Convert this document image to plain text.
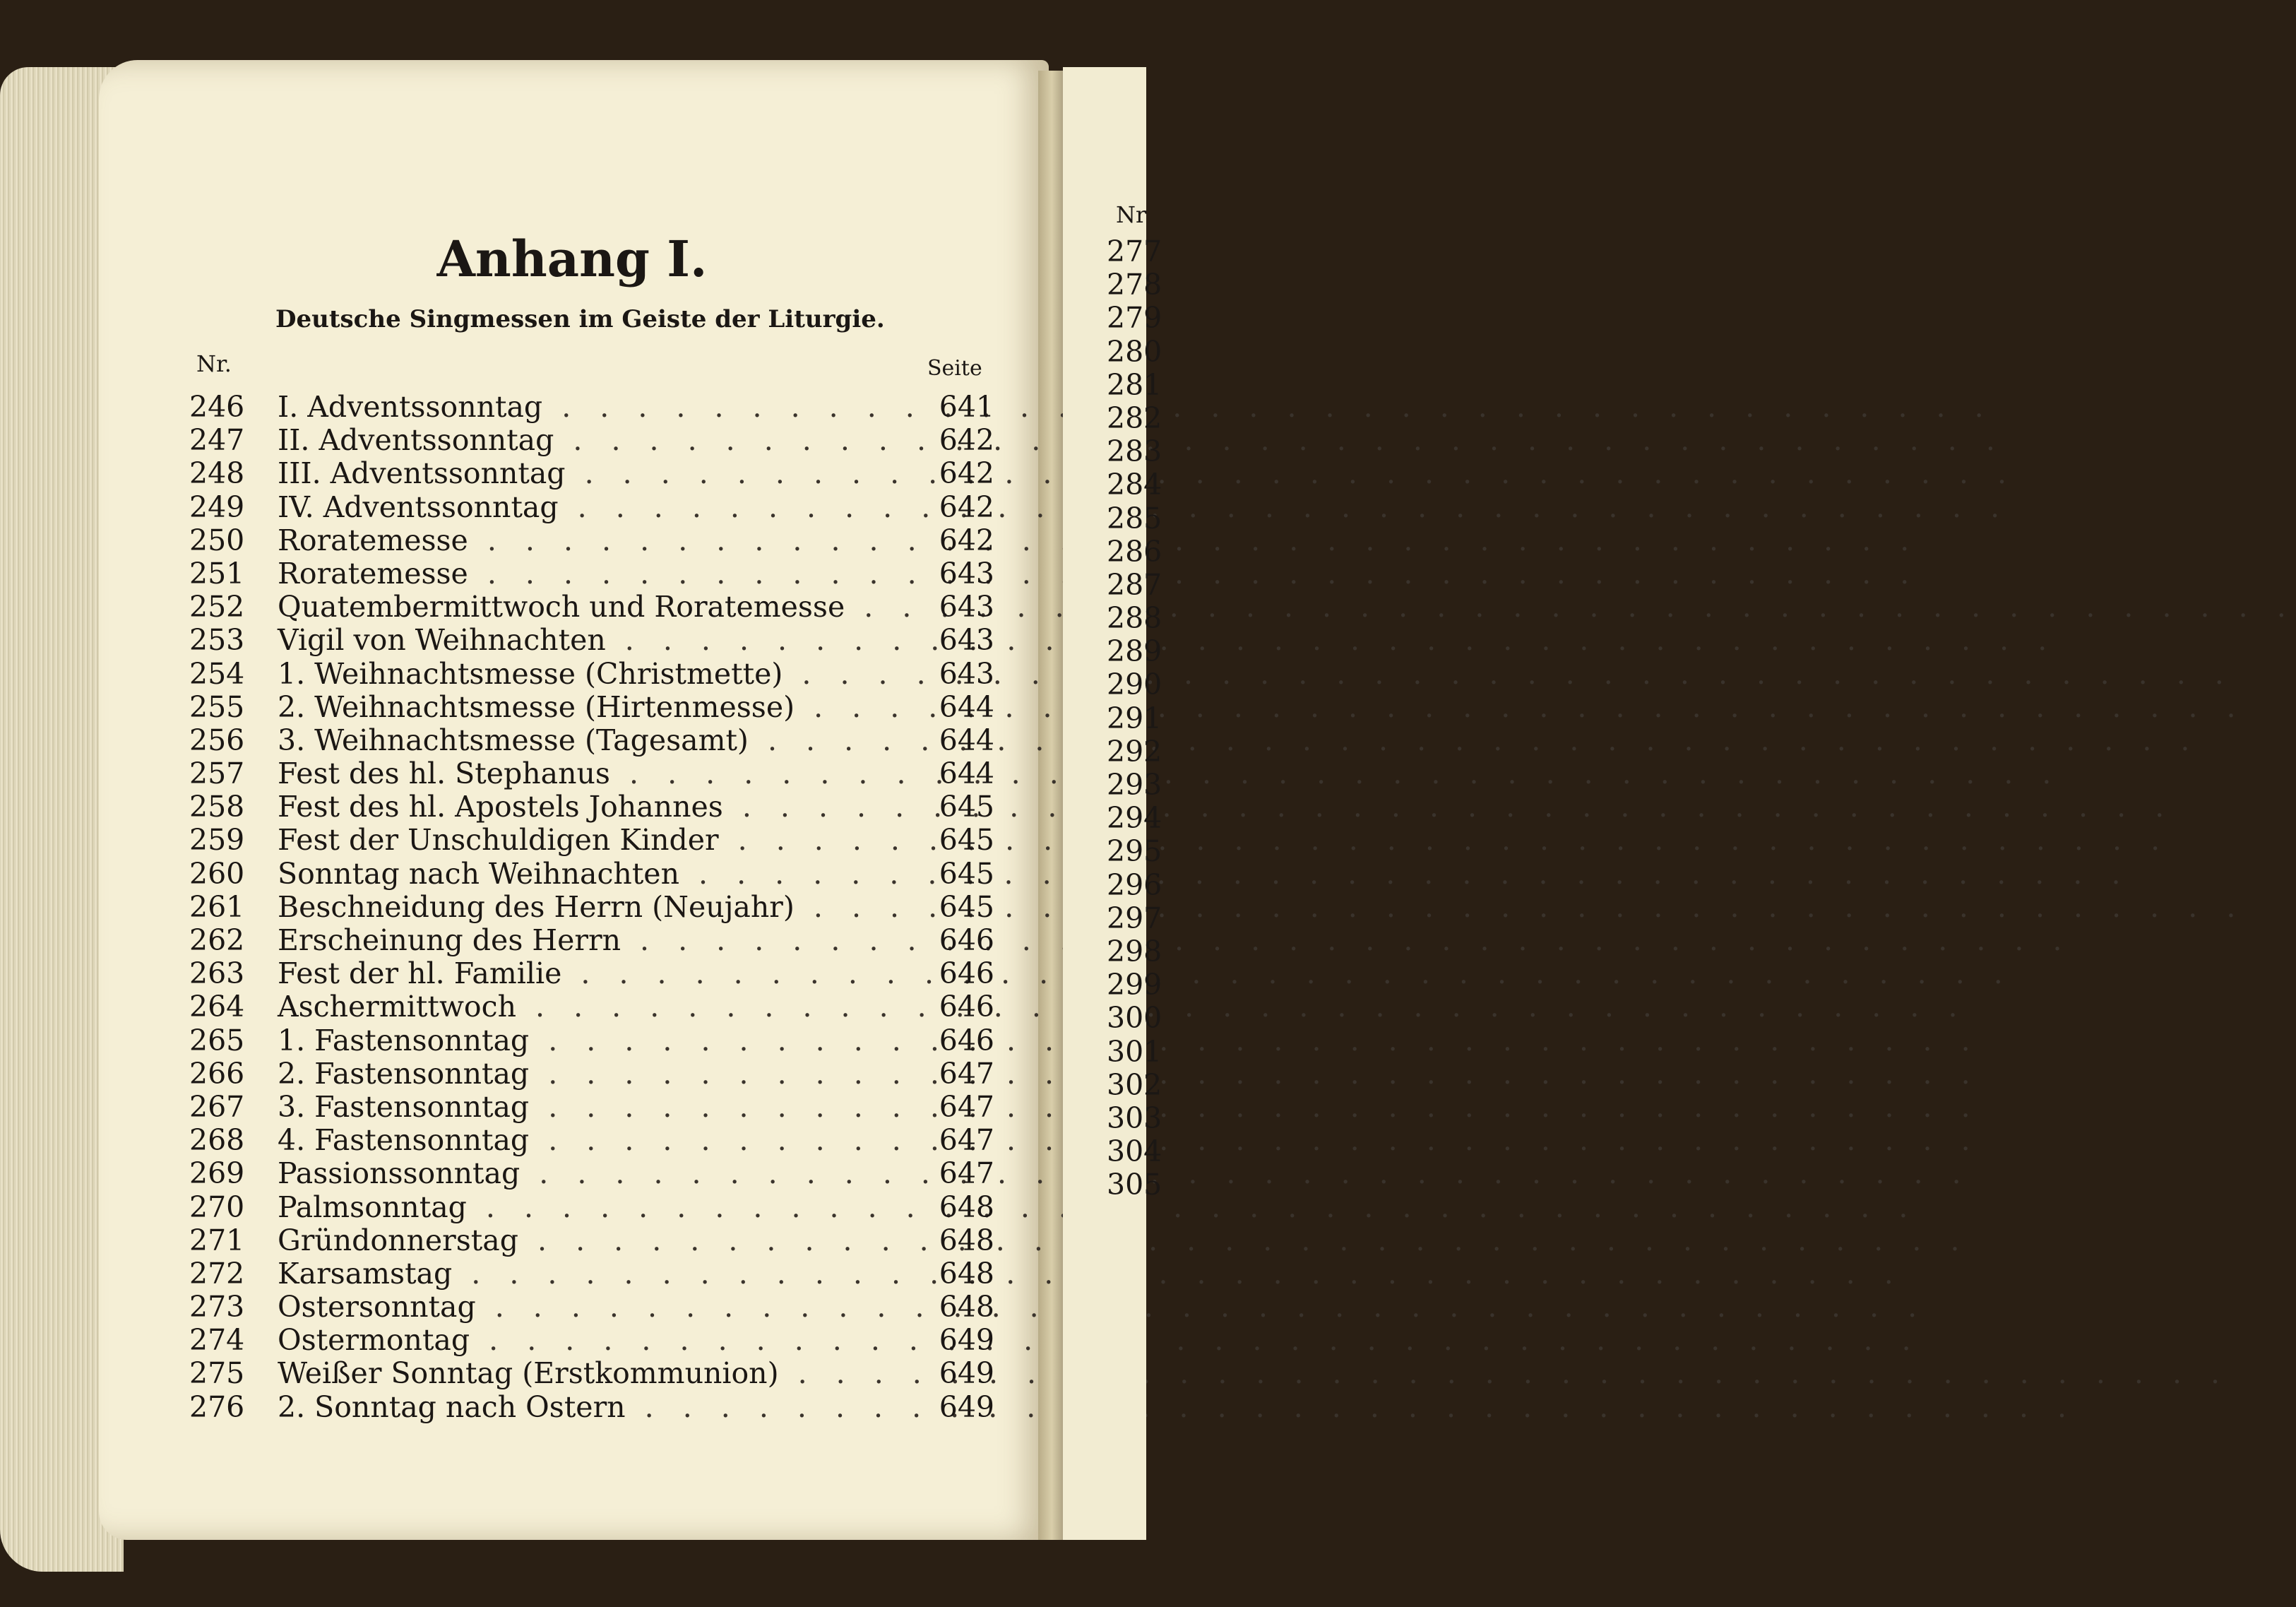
Anhang I.
Deutsche Singmessen im Geiste der Liturgie.
Nr.	Seite
246 I. Adventssonntag . . .	641
247 II. Adventssonntag . . .	642
248 III. Adventssonntag . . .	642
249 IV. Adventssonntag . . .	642
250 Roratemesse . . .	642
251 Roratemesse . . .	643
252 Quatembermittwoch und Roratemesse . . .	643
253 Vigil von Weihnachten . . .	643
254 1. Weihnachtsmesse (Christmette) . . .	643
255 2. Weihnachtsmesse (Hirtenmesse) . . .	644
256 3. Weihnachtsmesse (Tagesamt) . . .	644
257 Fest des hl. Stephanus . . .	644
258 Fest des hl. Apostels Johannes . . .	645
259 Fest der Unschuldigen Kinder . . .	645
260 Sonntag nach Weihnachten . . .	645
261 Beschneidung des Herrn (Neujahr) . . .	645
262 Erscheinung des Herrn . . .	646
263 Fest der hl. Familie . . .	646
264 Aschermittwoch . . .	646
265 1. Fastensonntag . . .	646
266 2. Fastensonntag . . .	647
267 3. Fastensonntag . . .	647
268 4. Fastensonntag . . .	647
269 Passionssonntag . . .	647
270 Palmsonntag . . .	648
271 Gründonnerstag . . .	648
272 Karsamstag . . .	648
273 Ostersonntag . . .	648
274 Ostermontag . . .	649
275 Weißer Sonntag (Erstkommunion) . . .	649
276 2. Sonntag nach Ostern . . .	649
Nr
277
278
279
280
281
282
283
284
285
286
287
288
289
290
291
292
293
294
295
296
297
298
299
300
301
302
303
304
305
